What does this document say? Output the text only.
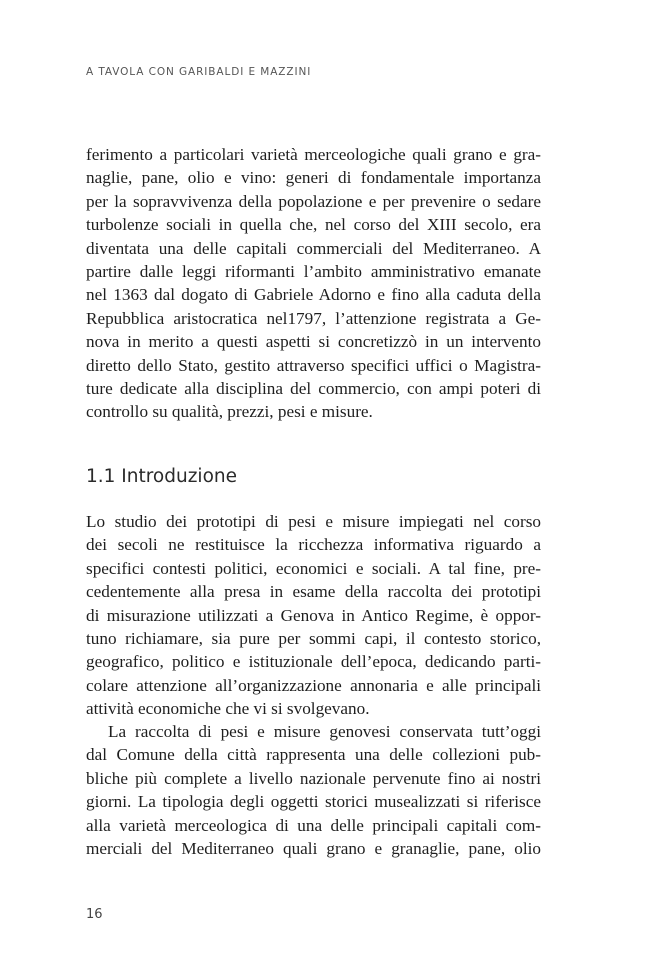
A TAVOLA CON GARIBALDI E MAZZINI

ferimento a particolari varietà merceologiche quali grano e gra-

naglie, pane, olio e vino: generi di fondamentale importanza

per la sopravvivenza della popolazione e per prevenire o sedare

turbolenze sociali in quella che, nel corso del XIII secolo, era

diventata una delle capitali commerciali del Mediterraneo. A

partire dalle leggi riformanti l’ambito amministrativo emanate

nel 1363 dal dogato di Gabriele Adorno e fino alla caduta della

Repubblica aristocratica nel1797, l’attenzione registrata a Ge-

nova in merito a questi aspetti si concretizzò in un intervento

diretto dello Stato, gestito attraverso specifici uffici o Magistra-

ture dedicate alla disciplina del commercio, con ampi poteri di

controllo su qualità, prezzi, pesi e misure.

1.1 Introduzione

Lo studio dei prototipi di pesi e misure impiegati nel corso

dei secoli ne restituisce la ricchezza informativa riguardo a

specifici contesti politici, economici e sociali. A tal fine, pre-

cedentemente alla presa in esame della raccolta dei prototipi

di misurazione utilizzati a Genova in Antico Regime, è oppor-

tuno richiamare, sia pure per sommi capi, il contesto storico,

geografico, politico e istituzionale dell’epoca, dedicando parti-

colare attenzione all’organizzazione annonaria e alle principali

attività economiche che vi si svolgevano.

La raccolta di pesi e misure genovesi conservata tutt’oggi

dal Comune della città rappresenta una delle collezioni pub-

bliche più complete a livello nazionale pervenute fino ai nostri

giorni. La tipologia degli oggetti storici musealizzati si riferisce

alla varietà merceologica di una delle principali capitali com-

merciali del Mediterraneo quali grano e granaglie, pane, olio

16
